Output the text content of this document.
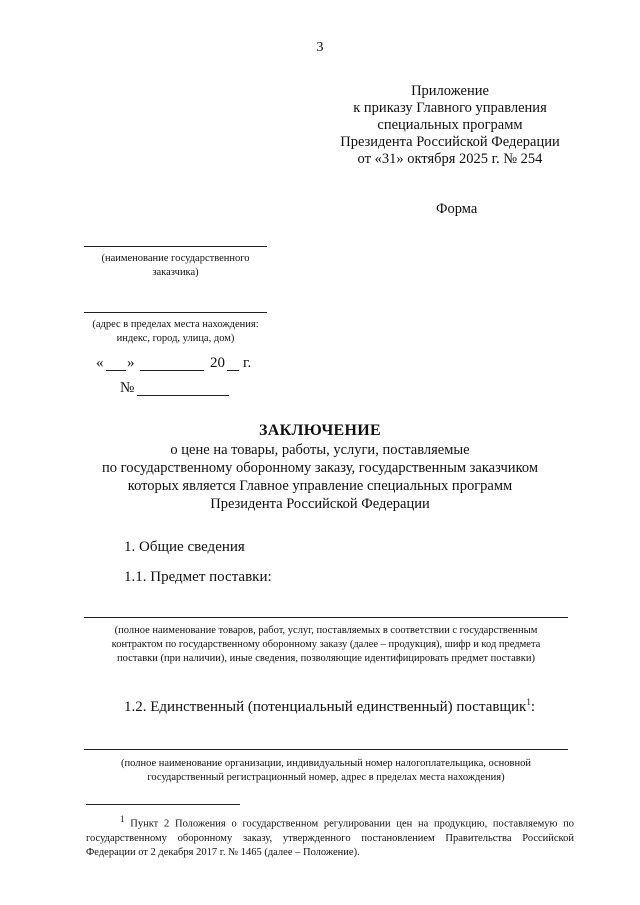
3
Приложение
к приказу Главного управления
специальных программ
Президента Российской Федерации
от «31» октября 2025 г. № 254
Форма
(наименование государственного
заказчика)
(адрес в пределах места нахождения:
индекс, город, улица, дом)
« »	20 г.
№
ЗАКЛЮЧЕНИЕ
о цене на товары, работы, услуги, поставляемые
по государственному оборонному заказу, государственным заказчиком
которых является Главное управление специальных программ
Президента Российской Федерации
1. Общие сведения
1.1. Предмет поставки:
(полное наименование товаров, работ, услуг, поставляемых в соответствии с государственным
контрактом по государственному оборонному заказу (далее – продукция), шифр и код предмета
поставки (при наличии), иные сведения, позволяющие идентифицировать предмет поставки)
1.2. Единственный (потенциальный единственный) поставщик$^1$:
(полное наименование организации, индивидуальный номер налогоплательщика, основной
государственный регистрационный номер, адрес в пределах места нахождения)
$^1$ Пункт 2 Положения о государственном регулировании цен на продукцию, поставляемую по государственному оборонному заказу, утвержденного постановлением Правительства Российской Федерации от 2 декабря 2017 г. № 1465 (далее – Положение).
